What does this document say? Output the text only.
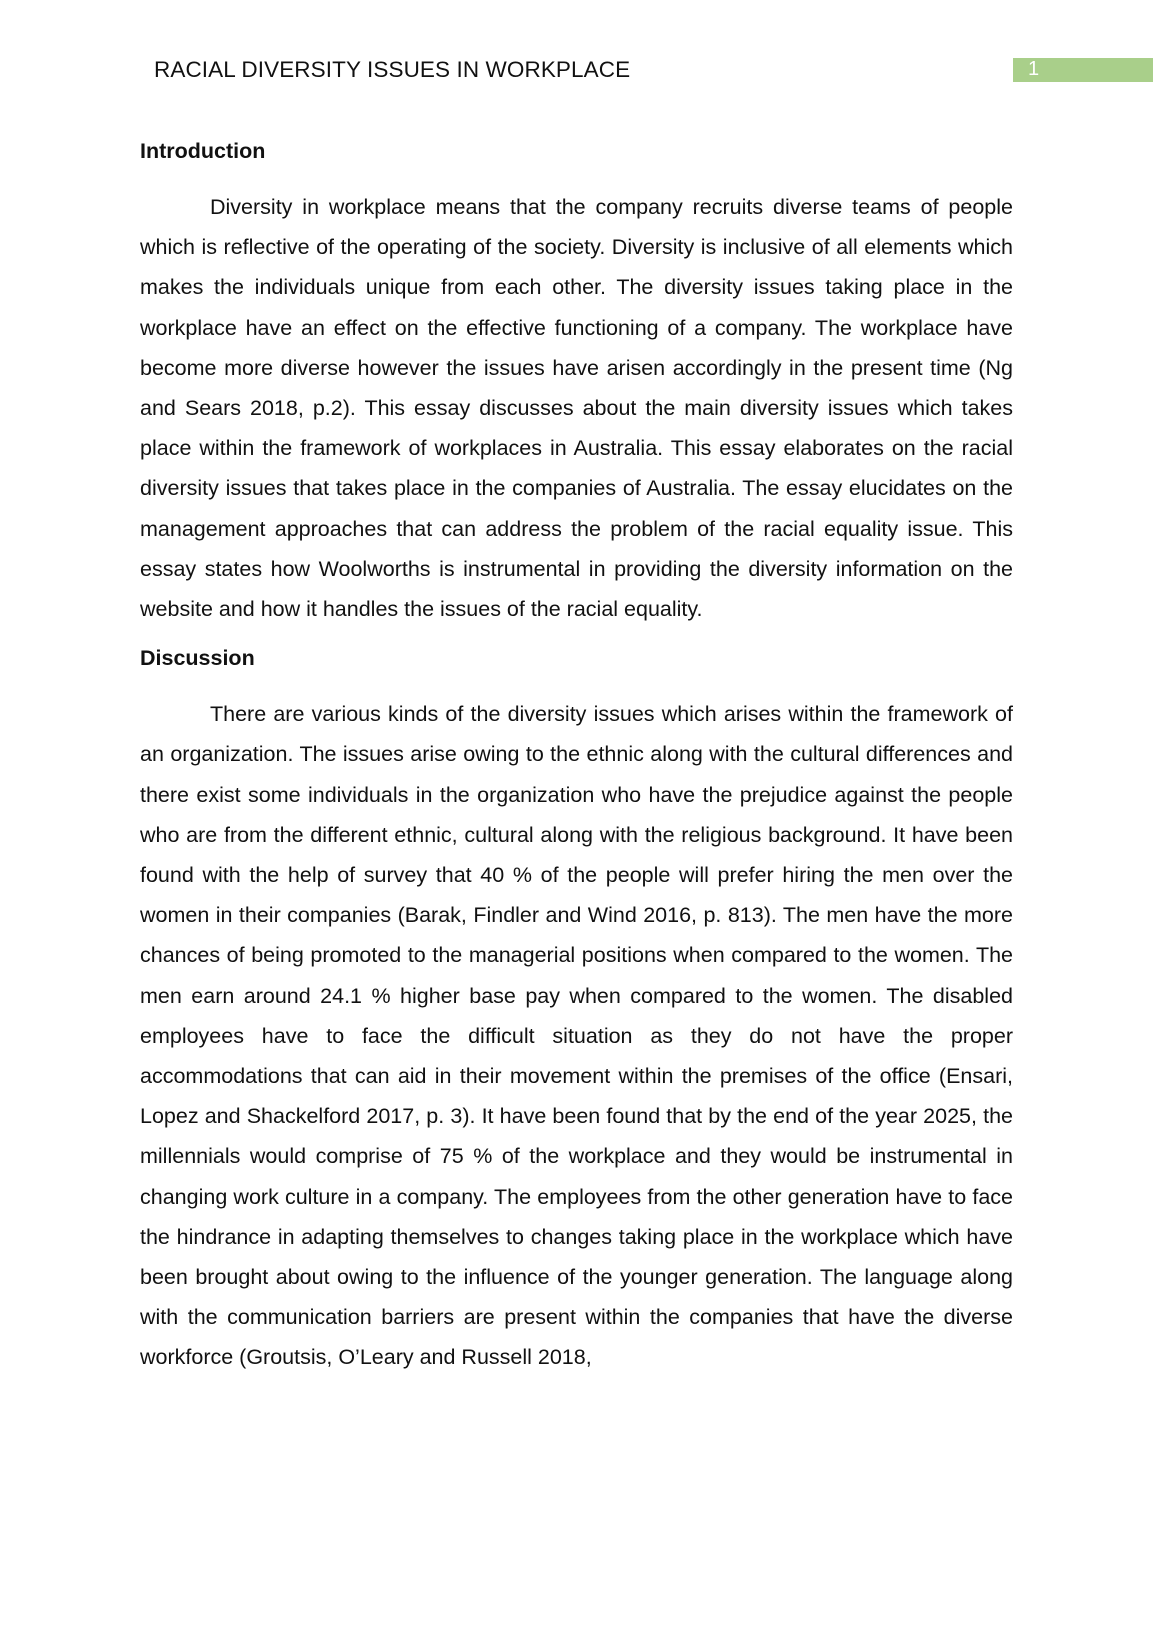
RACIAL DIVERSITY ISSUES IN WORKPLACE	1
Introduction

Diversity in workplace means that the company recruits diverse teams of people which is reflective of the operating of the society. Diversity is inclusive of all elements which makes the individuals unique from each other. The diversity issues taking place in the workplace have an effect on the effective functioning of a company. The workplace have become more diverse however the issues have arisen accordingly in the present time (Ng and Sears 2018, p.2). This essay discusses about the main diversity issues which takes place within the framework of workplaces in Australia. This essay elaborates on the racial diversity issues that takes place in the companies of Australia. The essay elucidates on the management approaches that can address the problem of the racial equality issue. This essay states how Woolworths is instrumental in providing the diversity information on the website and how it handles the issues of the racial equality.

Discussion

There are various kinds of the diversity issues which arises within the framework of an organization. The issues arise owing to the ethnic along with the cultural differences and there exist some individuals in the organization who have the prejudice against the people who are from the different ethnic, cultural along with the religious background. It have been found with the help of survey that 40 % of the people will prefer hiring the men over the women in their companies (Barak, Findler and Wind 2016, p. 813). The men have the more chances of being promoted to the managerial positions when compared to the women. The men earn around 24.1 % higher base pay when compared to the women. The disabled employees have to face the difficult situation as they do not have the proper accommodations that can aid in their movement within the premises of the office (Ensari, Lopez and Shackelford 2017, p. 3). It have been found that by the end of the year 2025, the millennials would comprise of 75 % of the workplace and they would be instrumental in changing work culture in a company. The employees from the other generation have to face the hindrance in adapting themselves to changes taking place in the workplace which have been brought about owing to the influence of the younger generation. The language along with the communication barriers are present within the companies that have the diverse workforce (Groutsis, O’Leary and Russell 2018,
